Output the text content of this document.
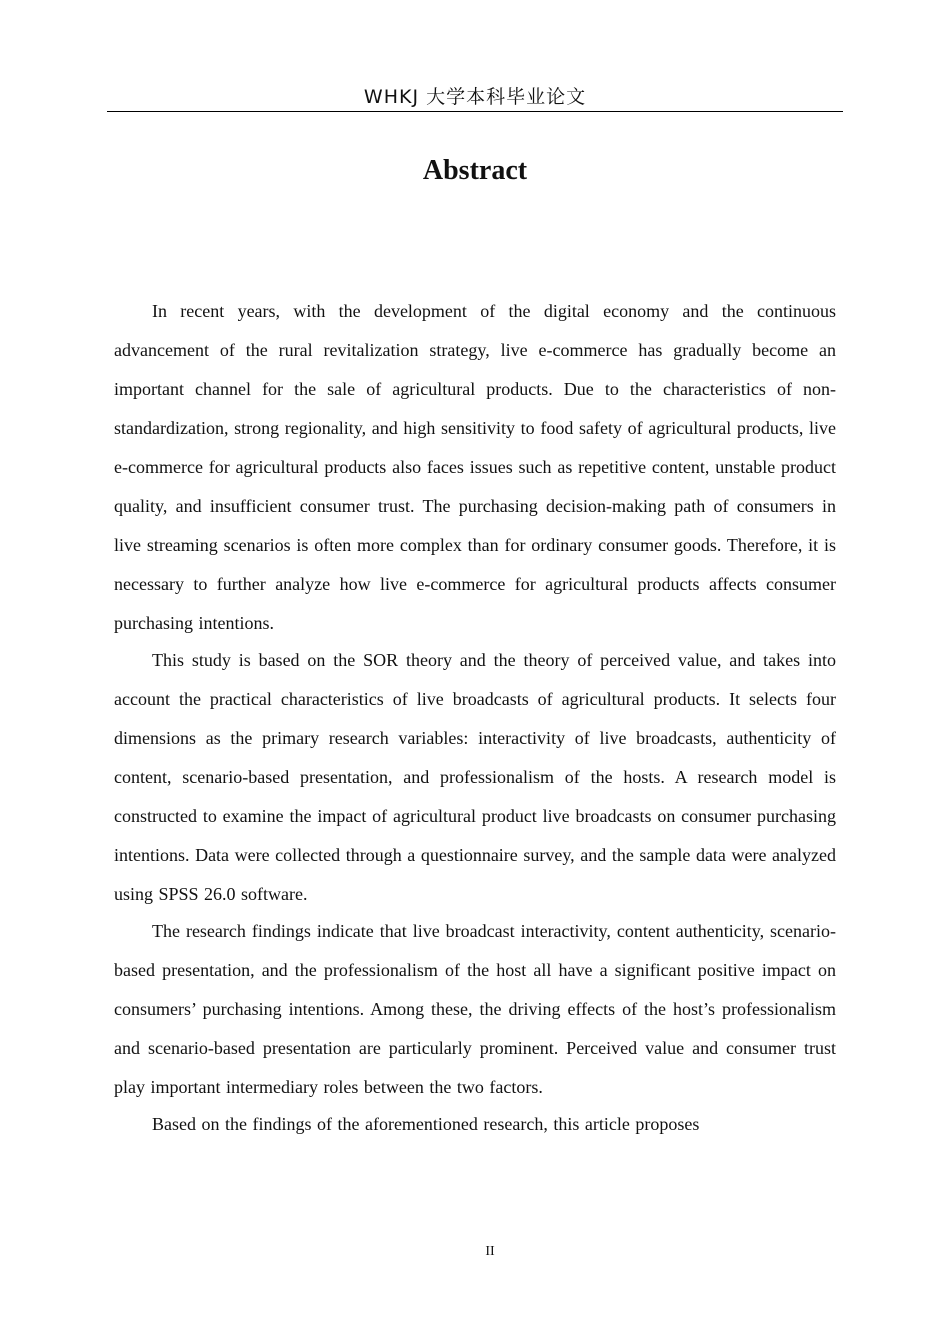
WHKJ 大学本科毕业论文
Abstract

In recent years, with the development of the digital economy and the continuous advancement of the rural revitalization strategy, live e-commerce has gradually become an important channel for the sale of agricultural products. Due to the characteristics of non-standardization, strong regionality, and high sensitivity to food safety of agricultural products, live e-commerce for agricultural products also faces issues such as repetitive content, unstable product quality, and insufficient consumer trust. The purchasing decision-making path of consumers in live streaming scenarios is often more complex than for ordinary consumer goods. Therefore, it is necessary to further analyze how live e-commerce for agricultural products affects consumer purchasing intentions.

This study is based on the SOR theory and the theory of perceived value, and takes into account the practical characteristics of live broadcasts of agricultural products. It selects four dimensions as the primary research variables: interactivity of live broadcasts, authenticity of content, scenario-based presentation, and professionalism of the hosts. A research model is constructed to examine the impact of agricultural product live broadcasts on consumer purchasing intentions. Data were collected through a questionnaire survey, and the sample data were analyzed using SPSS 26.0 software.

The research findings indicate that live broadcast interactivity, content authenticity, scenario-based presentation, and the professionalism of the host all have a significant positive impact on consumers’ purchasing intentions. Among these, the driving effects of the host’s professionalism and scenario-based presentation are particularly prominent. Perceived value and consumer trust play important intermediary roles between the two factors.

Based on the findings of the aforementioned research, this article proposes

II
